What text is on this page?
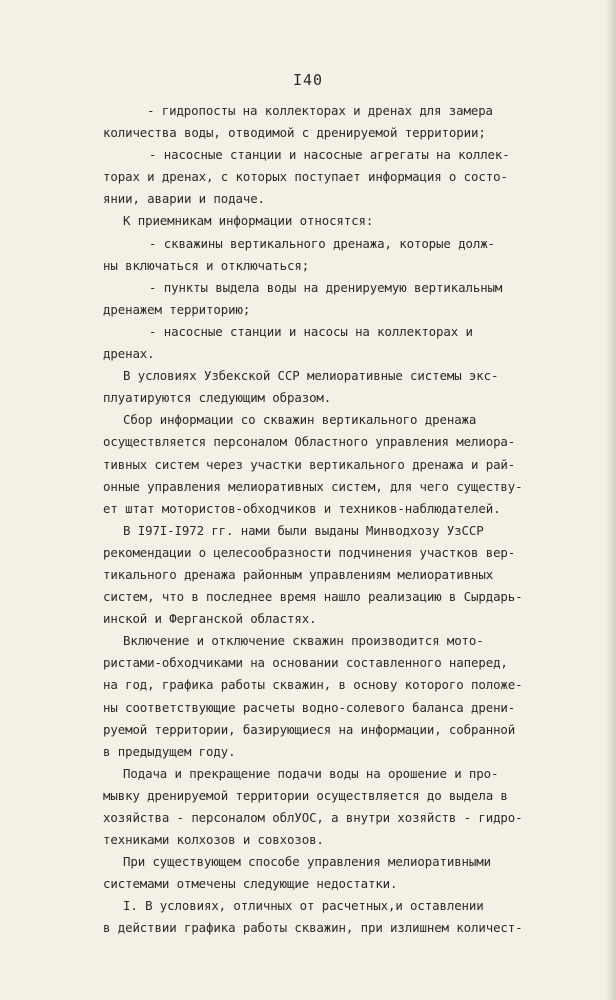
I40
- гидропосты на коллекторах и дренах для замера
количества воды, отводимой с дренируемой территории;
- насосные станции и насосные агрегаты на коллек-
торах и дренах, с которых поступает информация о состо-
янии, аварии и подаче.
К приемникам информации относятся:
- скважины вертикального дренажа, которые долж-
ны включаться и отключаться;
- пункты выдела воды на дренируемую вертикальным
дренажем территорию;
- насосные станции и насосы на коллекторах и
дренах.
В условиях Узбекской ССР мелиоративные системы экс-
плуатируются следующим образом.
Сбор информации со скважин вертикального дренажа
осуществляется персоналом Областного управления мелиора-
тивных систем через участки вертикального дренажа и рай-
онные управления мелиоративных систем, для чего существу-
ет штат мотористов-обходчиков и техников-наблюдателей.
В I97I-I972 гг. нами были выданы Минводхозу УзССР
рекомендации о целесообразности подчинения участков вер-
тикального дренажа районным управлениям мелиоративных
систем, что в последнее время нашло реализацию в Сырдарь-
инской и Ферганской областях.
Включение и отключение скважин производится мото-
ристами-обходчиками на основании составленного наперед,
на год, графика работы скважин, в основу которого положе-
ны соответствующие расчеты водно-солевого баланса дрени-
руемой территории, базирующиеся на информации, собранной
в предыдущем году.
Подача и прекращение подачи воды на орошение и про-
мывку дренируемой территории осуществляется до выдела в
хозяйства - персоналом облУОС, а внутри хозяйств - гидро-
техниками колхозов и совхозов.
При существующем способе управления мелиоративными
системами отмечены следующие недостатки.
I. В условиях, отличных от расчетных,и оставлении
в действии графика работы скважин, при излишнем количест-
